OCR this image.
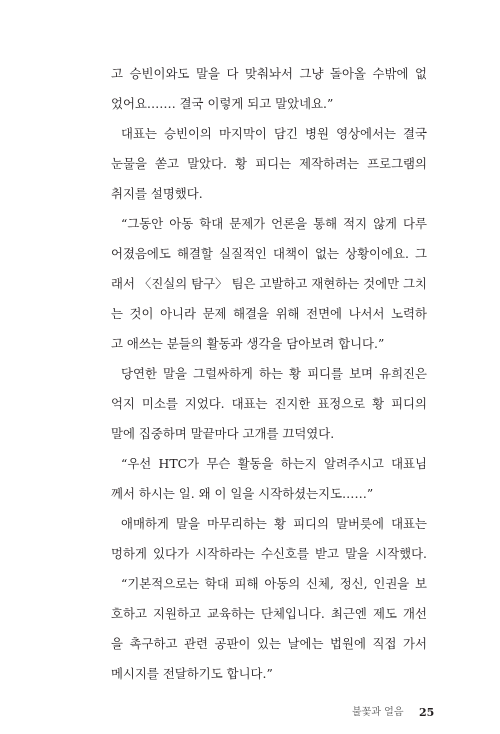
고 승빈이와도 말을 다 맞춰놔서 그냥 돌아올 수밖에 없
었어요……. 결국 이렇게 되고 말았네요.”
대표는 승빈이의 마지막이 담긴 병원 영상에서는 결국
눈물을 쏟고 말았다. 황 피디는 제작하려는 프로그램의
취지를 설명했다.
“그동안 아동 학대 문제가 언론을 통해 적지 않게 다루
어졌음에도 해결할 실질적인 대책이 없는 상황이에요. 그
래서 〈진실의 탐구〉 팀은 고발하고 재현하는 것에만 그치
는 것이 아니라 문제 해결을 위해 전면에 나서서 노력하
고 애쓰는 분들의 활동과 생각을 담아보려 합니다.”
당연한 말을 그럴싸하게 하는 황 피디를 보며 유희진은
억지 미소를 지었다. 대표는 진지한 표정으로 황 피디의
말에 집중하며 말끝마다 고개를 끄덕였다.
“우선 HTC가 무슨 활동을 하는지 알려주시고 대표님
께서 하시는 일. 왜 이 일을 시작하셨는지도……”
애매하게 말을 마무리하는 황 피디의 말버릇에 대표는
멍하게 있다가 시작하라는 수신호를 받고 말을 시작했다.
“기본적으로는 학대 피해 아동의 신체, 정신, 인권을 보
호하고 지원하고 교육하는 단체입니다. 최근엔 제도 개선
을 촉구하고 관련 공판이 있는 날에는 법원에 직접 가서
메시지를 전달하기도 합니다.”
불꽃과 얼음 25
